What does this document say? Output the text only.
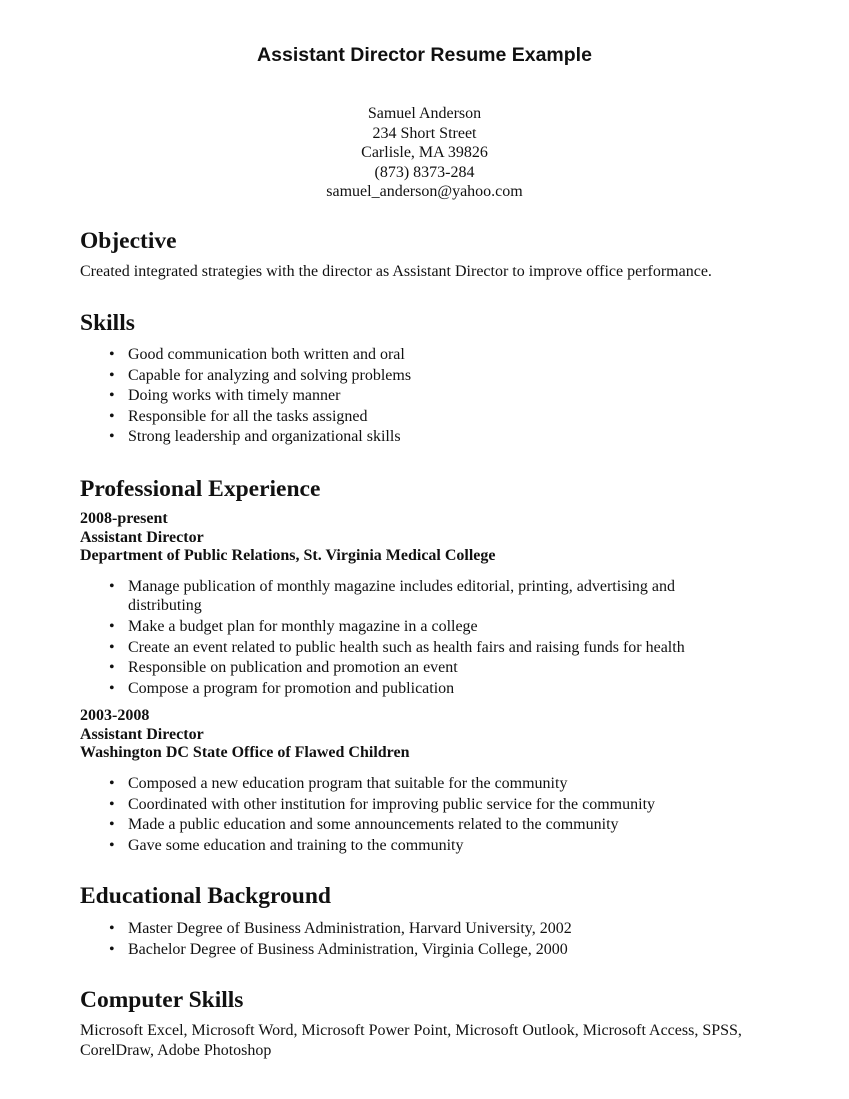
Assistant Director Resume Example
Samuel Anderson
234 Short Street
Carlisle, MA 39826
(873) 8373-284
samuel_anderson@yahoo.com
Objective

Created integrated strategies with the director as Assistant Director to improve office performance.

Skills
• Good communication both written and oral
• Capable for analyzing and solving problems
• Doing works with timely manner
• Responsible for all the tasks assigned
• Strong leadership and organizational skills
Professional Experience
2008-present
Assistant Director
Department of Public Relations, St. Virginia Medical College
• Manage publication of monthly magazine includes editorial, printing, advertising and distributing
• Make a budget plan for monthly magazine in a college
• Create an event related to public health such as health fairs and raising funds for health
• Responsible on publication and promotion an event
• Compose a program for promotion and publication
2003-2008
Assistant Director
Washington DC State Office of Flawed Children
• Composed a new education program that suitable for the community
• Coordinated with other institution for improving public service for the community
• Made a public education and some announcements related to the community
• Gave some education and training to the community
Educational Background
• Master Degree of Business Administration, Harvard University, 2002
• Bachelor Degree of Business Administration, Virginia College, 2000
Computer Skills

Microsoft Excel, Microsoft Word, Microsoft Power Point, Microsoft Outlook, Microsoft Access, SPSS, CorelDraw, Adobe Photoshop
